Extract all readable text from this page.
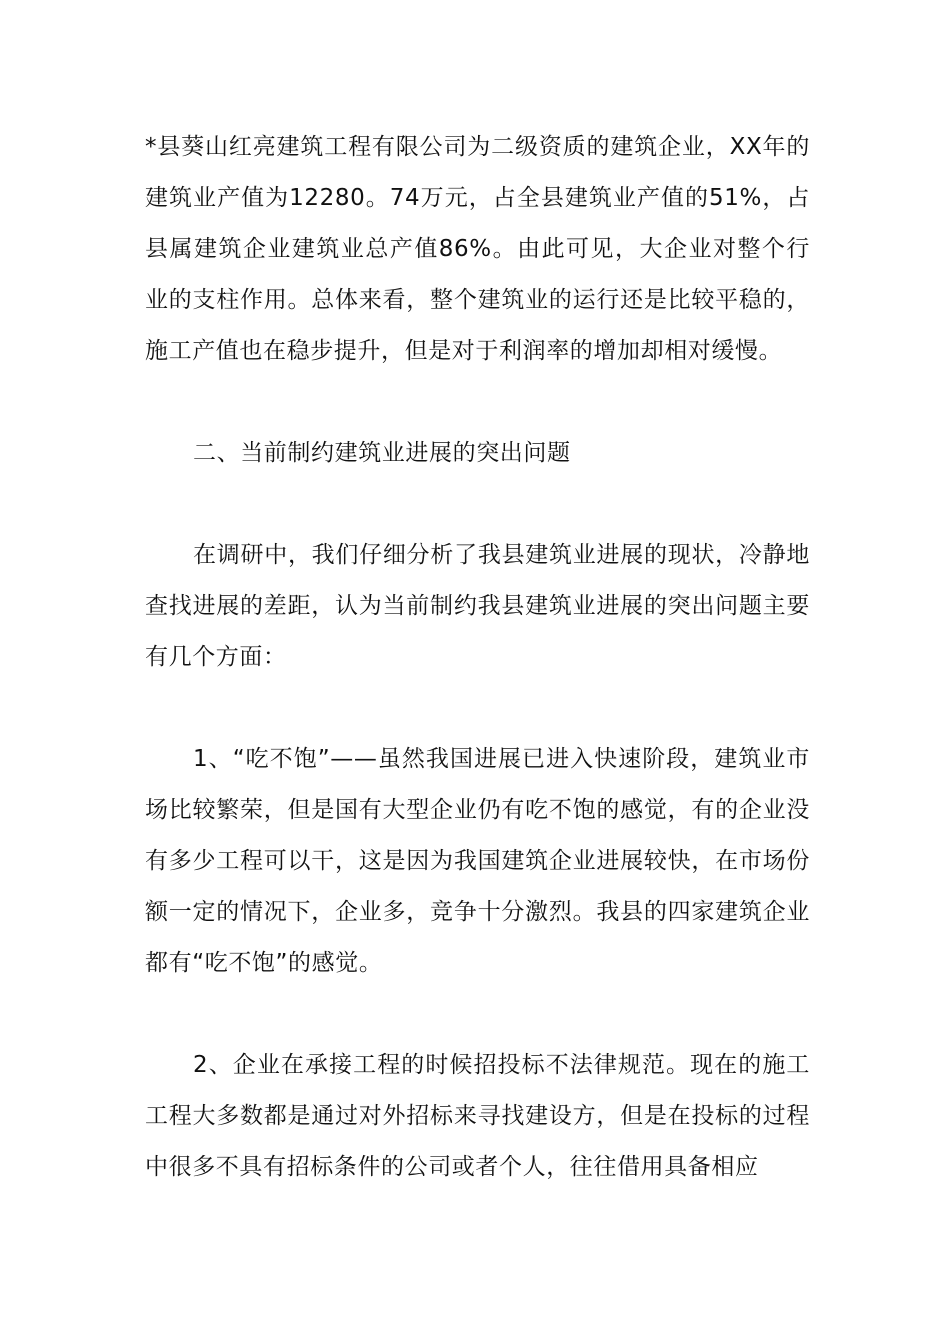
*县葵山红亮建筑工程有限公司为二级资质的建筑企业，XX年的建筑业产值为12280。74万元，占全县建筑业产值的51%，占县属建筑企业建筑业总产值86%。由此可见，大企业对整个行业的支柱作用。总体来看，整个建筑业的运行还是比较平稳的，施工产值也在稳步提升，但是对于利润率的增加却相对缓慢。

二、当前制约建筑业进展的突出问题

在调研中，我们仔细分析了我县建筑业进展的现状，冷静地查找进展的差距，认为当前制约我县建筑业进展的突出问题主要有几个方面：

1、“吃不饱”——虽然我国进展已进入快速阶段，建筑业市场比较繁荣，但是国有大型企业仍有吃不饱的感觉，有的企业没有多少工程可以干，这是因为我国建筑企业进展较快，在市场份额一定的情况下，企业多，竞争十分激烈。我县的四家建筑企业都有“吃不饱”的感觉。

2、企业在承接工程的时候招投标不法律规范。现在的施工工程大多数都是通过对外招标来寻找建设方，但是在投标的过程中很多不具有招标条件的公司或者个人，往往借用具备相应
